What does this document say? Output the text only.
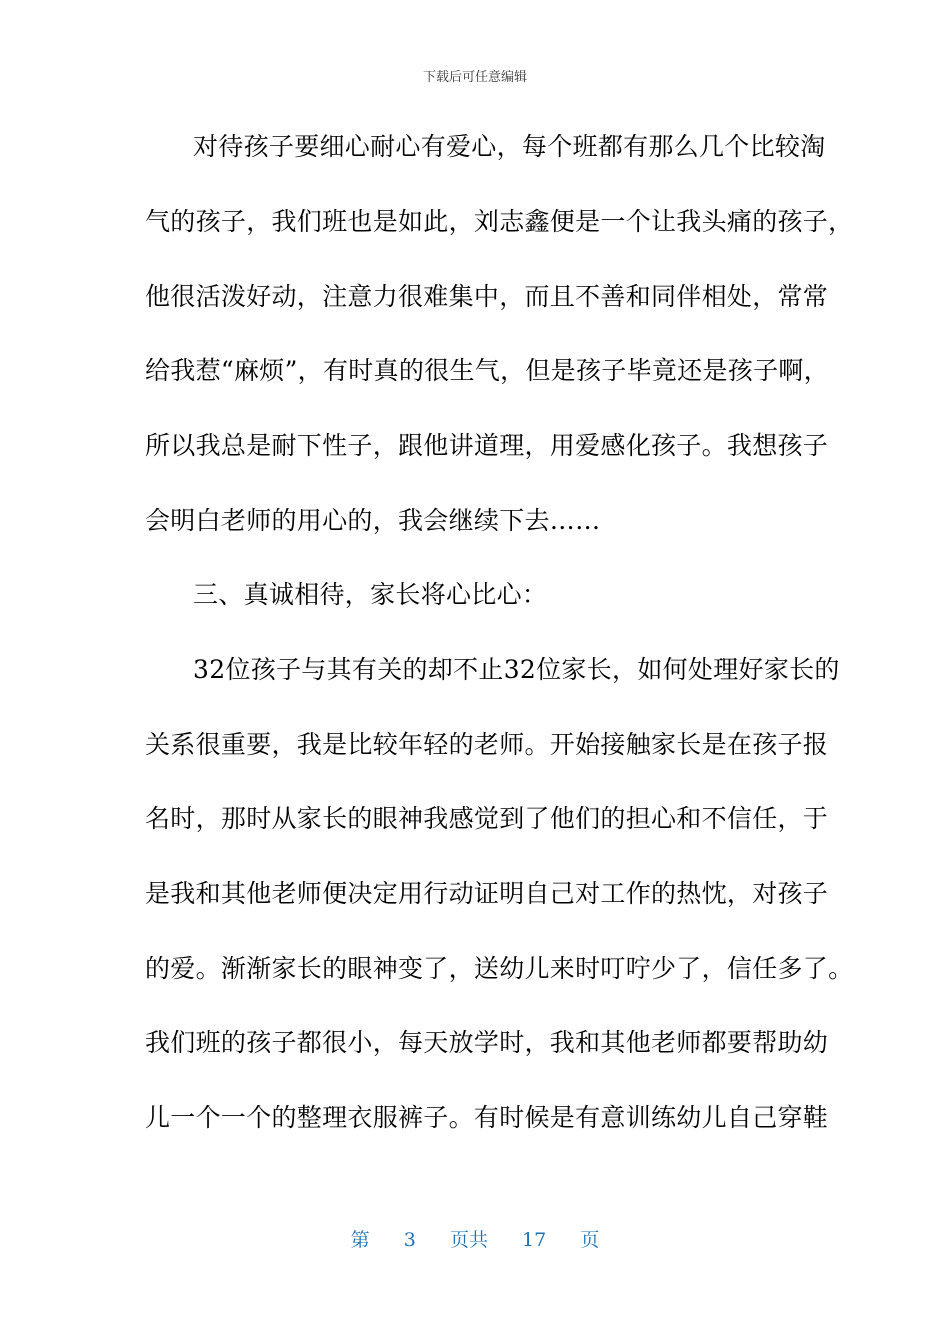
下载后可任意编辑
对待孩子要细心耐心有爱心，每个班都有那么几个比较淘
气的孩子，我们班也是如此，刘志鑫便是一个让我头痛的孩子，
他很活泼好动，注意力很难集中，而且不善和同伴相处，常常
给我惹“麻烦”，有时真的很生气，但是孩子毕竟还是孩子啊，
所以我总是耐下性子，跟他讲道理，用爱感化孩子。我想孩子
会明白老师的用心的，我会继续下去……
三、真诚相待，家长将心比心：
32位孩子与其有关的却不止32位家长，如何处理好家长的
关系很重要，我是比较年轻的老师。开始接触家长是在孩子报
名时，那时从家长的眼神我感觉到了他们的担心和不信任，于
是我和其他老师便决定用行动证明自己对工作的热忱，对孩子
的爱。渐渐家长的眼神变了，送幼儿来时叮咛少了，信任多了。
我们班的孩子都很小，每天放学时，我和其他老师都要帮助幼
儿一个一个的整理衣服裤子。有时候是有意训练幼儿自己穿鞋
第 3 页共 17 页
